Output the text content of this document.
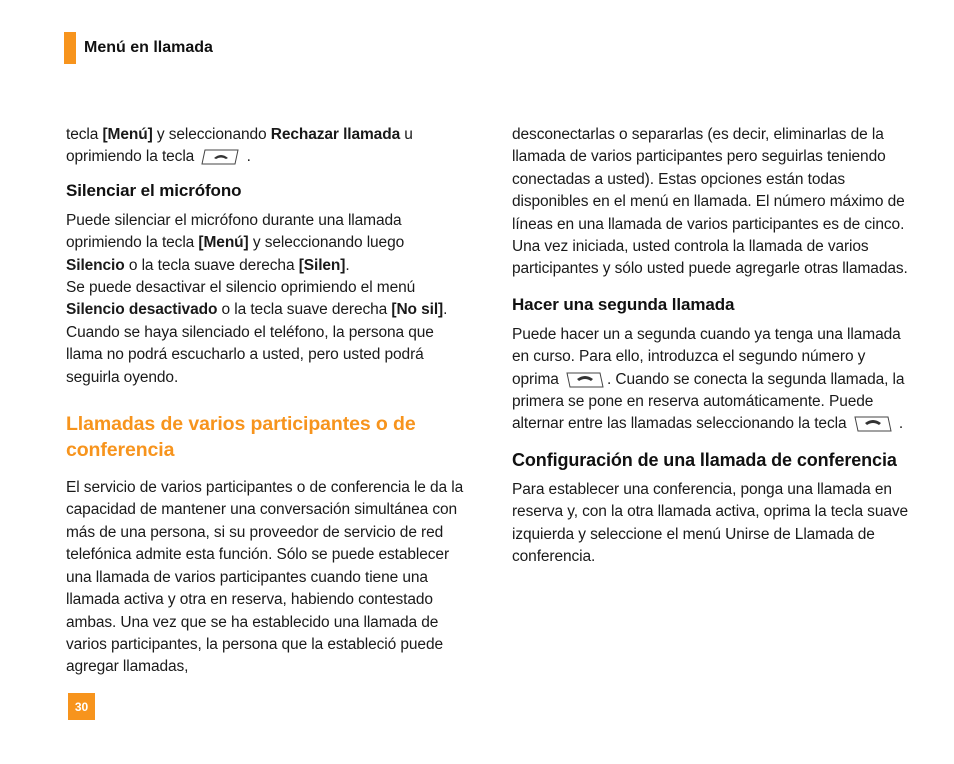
Menú en llamada

tecla [Menú] y seleccionando Rechazar llamada u oprimiendo la tecla	.

Silenciar el micrófono

Puede silenciar el micrófono durante una llamada oprimiendo la tecla [Menú] y seleccionando luego Silencio o la tecla suave derecha [Silen].
Se puede desactivar el silencio oprimiendo el menú Silencio desactivado o la tecla suave derecha [No sil].
Cuando se haya silenciado el teléfono, la persona que llama no podrá escucharlo a usted, pero usted podrá seguirla oyendo.

Llamadas de varios participantes o de conferencia

El servicio de varios participantes o de conferencia le da la capacidad de mantener una conversación simultánea con más de una persona, si su proveedor de servicio de red telefónica admite esta función. Sólo se puede establecer una llamada de varios participantes cuando tiene una llamada activa y otra en reserva, habiendo contestado ambas. Una vez que se ha establecido una llamada de varios participantes, la persona que la estableció puede agregar llamadas,

desconectarlas o separarlas (es decir, eliminarlas de la llamada de varios participantes pero seguirlas teniendo conectadas a usted). Estas opciones están todas disponibles en el menú en llamada. El número máximo de líneas en una llamada de varios participantes es de cinco. Una vez iniciada, usted controla la llamada de varios participantes y sólo usted puede agregarle otras llamadas.

Hacer una segunda llamada

Puede hacer un a segunda cuando ya tenga una llamada en curso. Para ello, introduzca el segundo número y oprima	. Cuando se conecta la segunda llamada, la primera se pone en reserva automáticamente. Puede alternar entre las llamadas seleccionando la tecla	.

Configuración de una llamada de conferencia

Para establecer una conferencia, ponga una llamada en reserva y, con la otra llamada activa, oprima la tecla suave izquierda y seleccione el menú Unirse de Llamada de conferencia.

30
